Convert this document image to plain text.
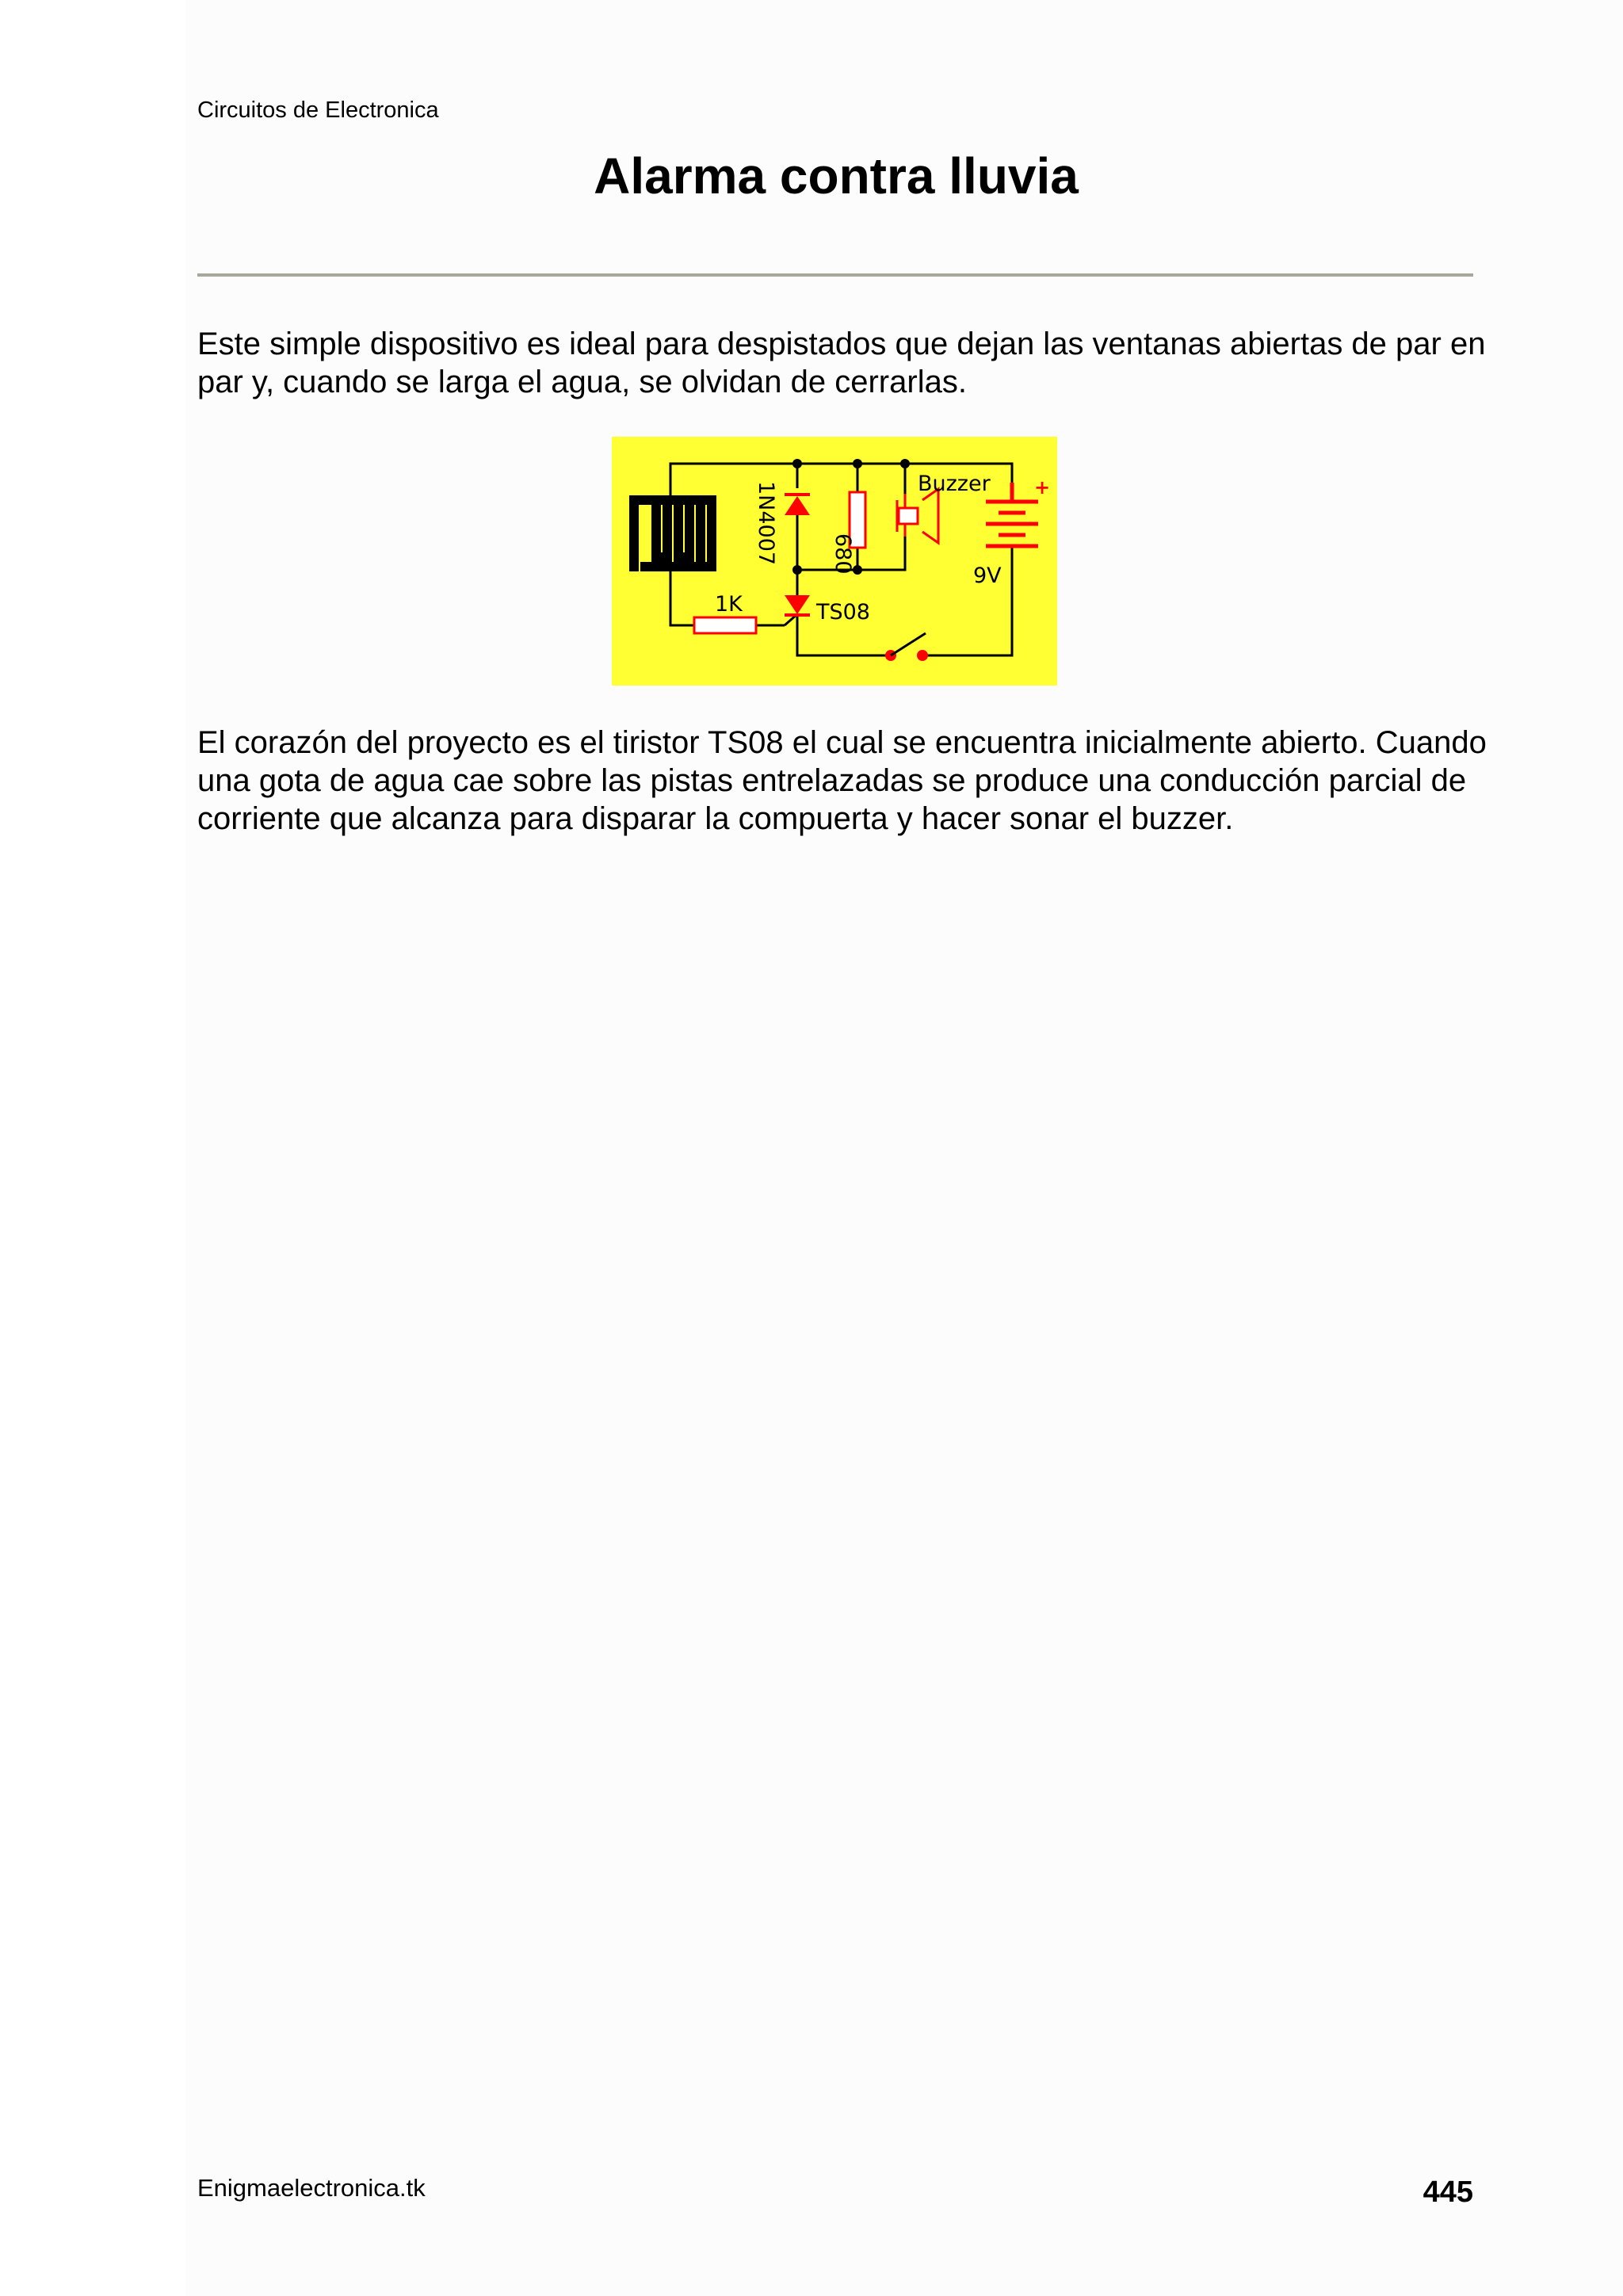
Circuitos de Electronica
Alarma contra lluvia

Este simple dispositivo es ideal para despistados que dejan las ventanas abiertas de par en par y, cuando se larga el agua, se olvidan de cerrarlas.

1N4007 680
Buzzer +
9V
1K	TS08

El corazón del proyecto es el tiristor TS08 el cual se encuentra inicialmente abierto. Cuando una gota de agua cae sobre las pistas entrelazadas se produce una conducción parcial de corriente que alcanza para disparar la compuerta y hacer sonar el buzzer.

Enigmaelectronica.tk	445
